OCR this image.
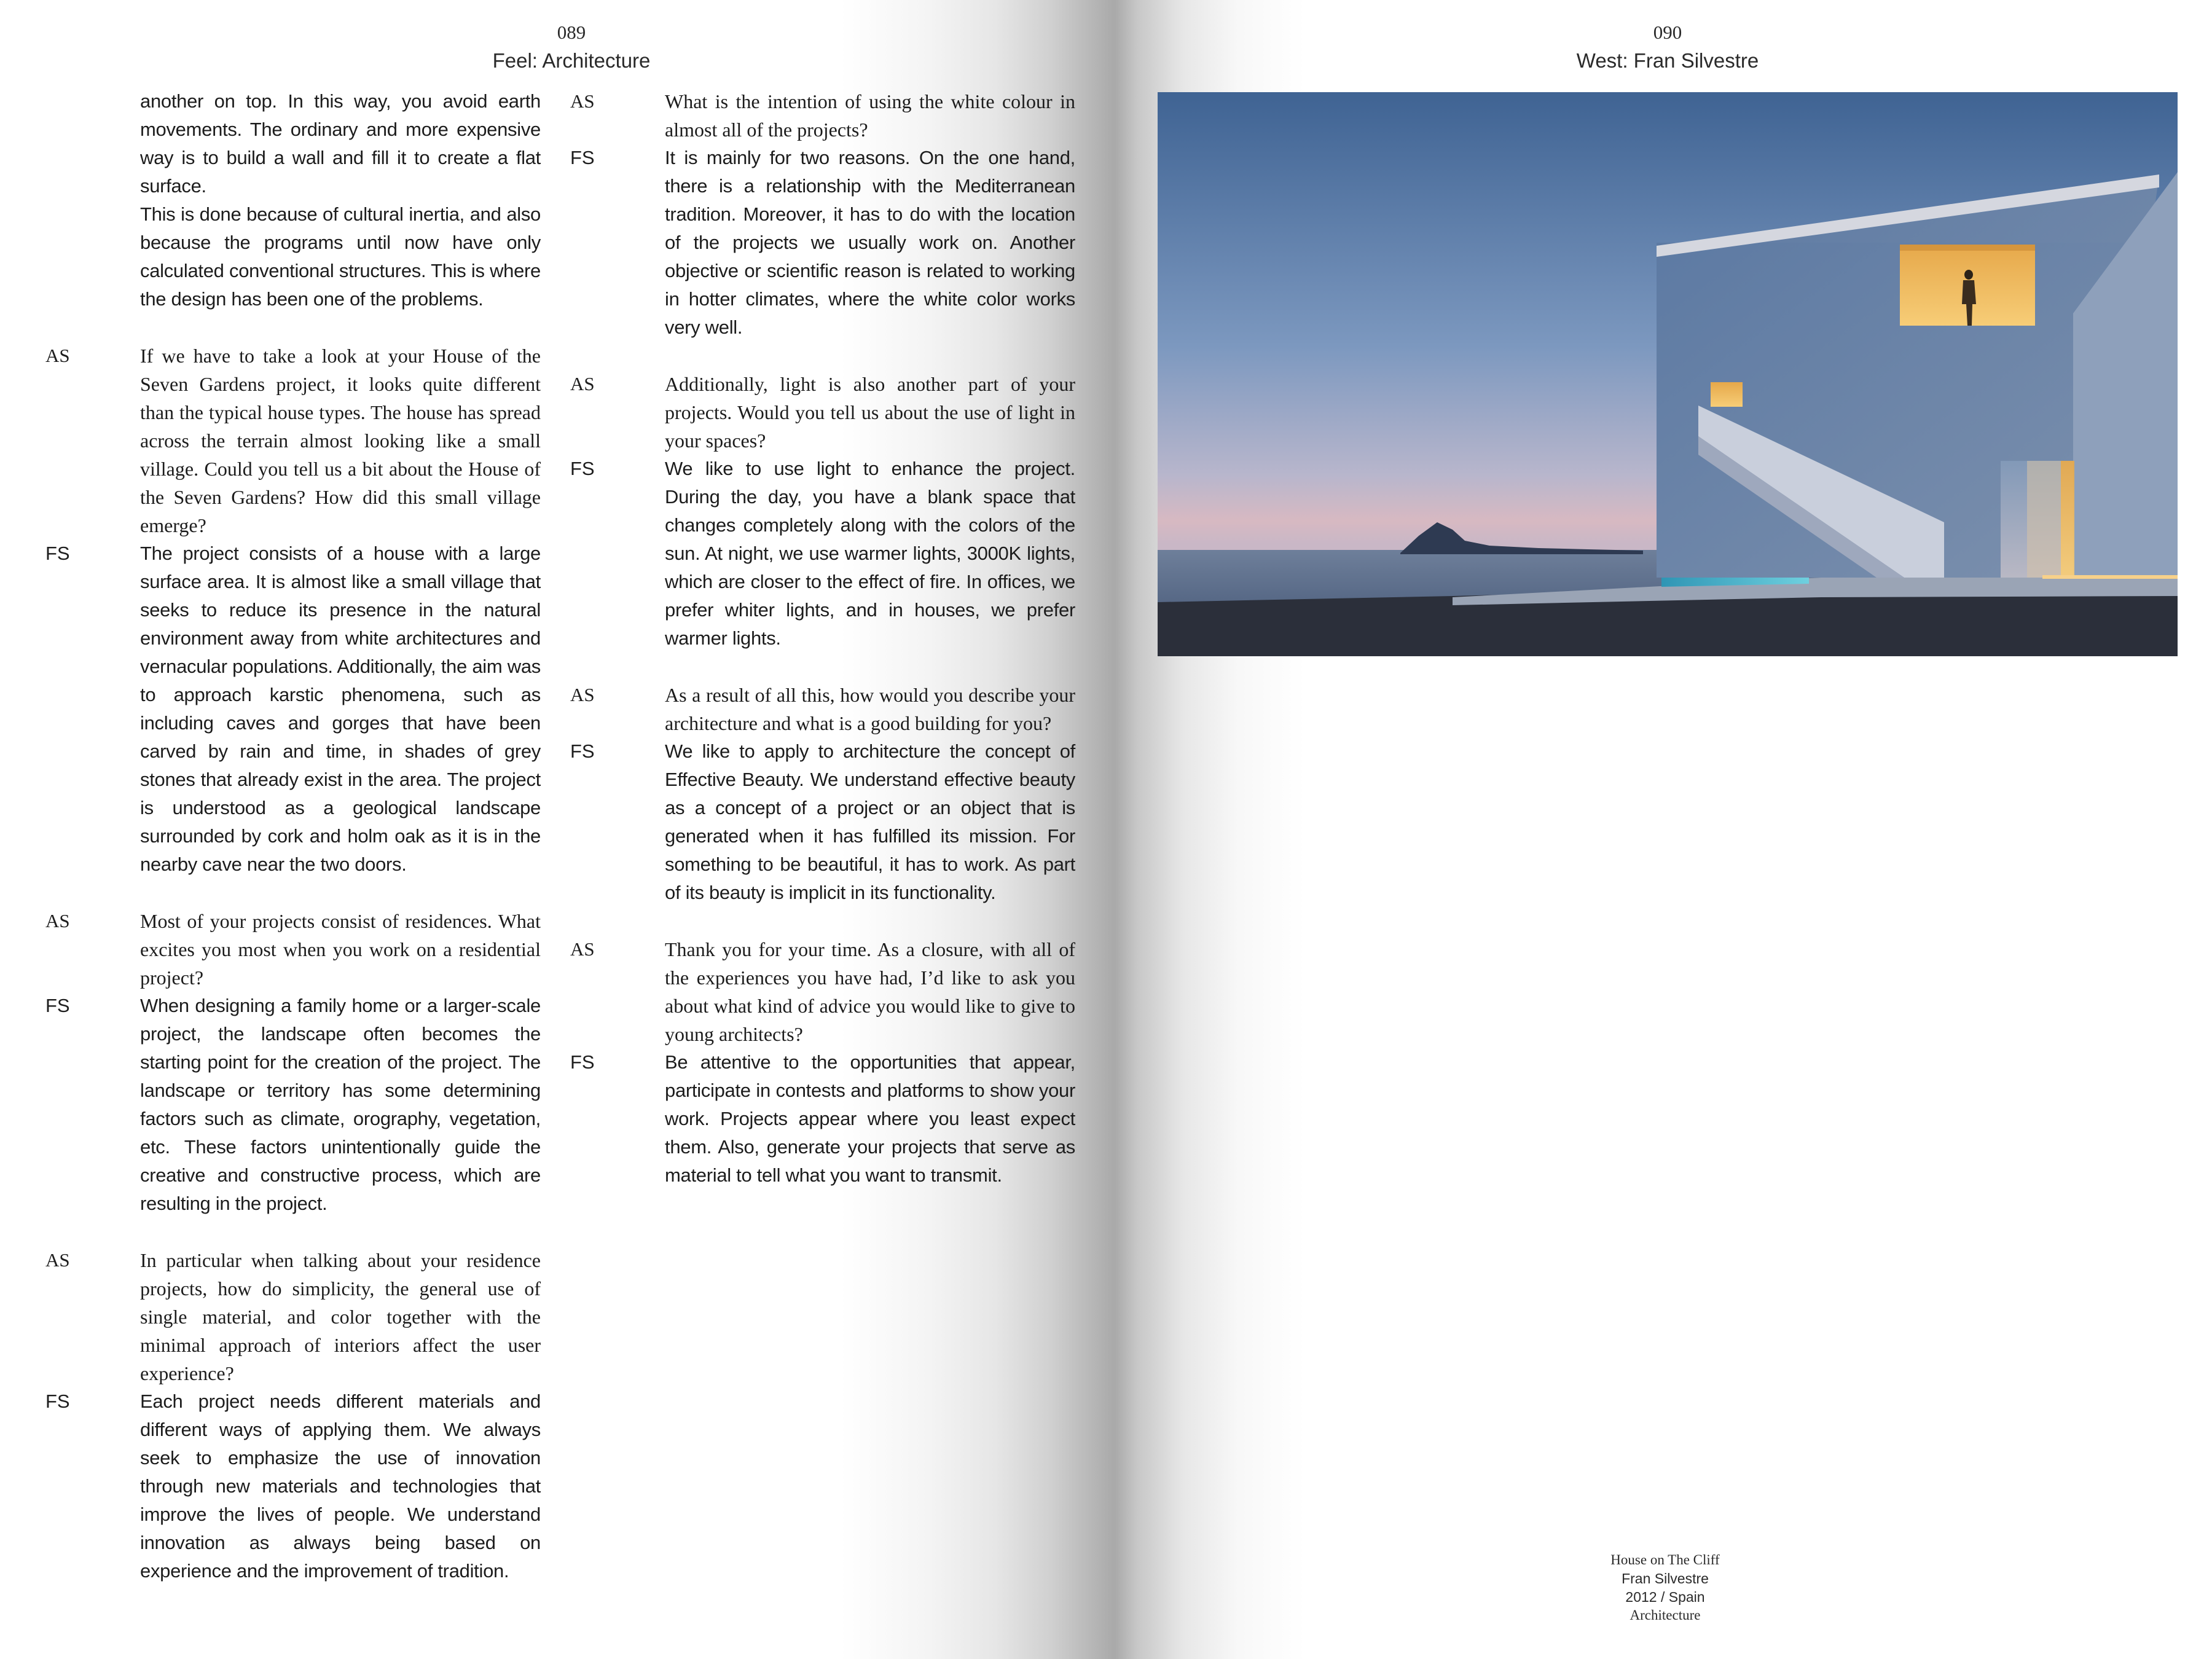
089
Feel: Architecture
090
West: Fran Silvestre
another on top. In this way, you avoid earth movements. The ordinary and more expensive way is to build a wall and fill it to create a flat surface.
This is done because of cultural inertia, and also because the programs until now have only calculated conventional structures. This is where the design has been one of the problems.
AS	If we have to take a look at your House of the Seven Gardens project, it looks quite different than the typical house types. The house has spread across the terrain almost looking like a small village. Could you tell us a bit about the House of the Seven Gardens? How did this small village emerge?
FS	The project consists of a house with a large surface area. It is almost like a small village that seeks to reduce its presence in the natural environment away from white architectures and vernacular populations. Additionally, the aim was to approach karstic phenomena, such as including caves and gorges that have been carved by rain and time, in shades of grey stones that already exist in the area. The project is understood as a geological landscape surrounded by cork and holm oak as it is in the nearby cave near the two doors.
AS	Most of your projects consist of residences. What excites you most when you work on a residential project?
FS	When designing a family home or a larger-scale project, the landscape often becomes the starting point for the creation of the project. The landscape or territory has some determining factors such as climate, orography, vegetation, etc. These factors unintentionally guide the creative and constructive process, which are resulting in the project.
AS	In particular when talking about your residence projects, how do simplicity, the general use of single material, and color together with the minimal approach of interiors affect the user experience?
FS	Each project needs different materials and different ways of applying them. We always seek to emphasize the use of innovation through new materials and technologies that improve the lives of people. We understand innovation as always being based on experience and the improvement of tradition.
AS	What is the intention of using the white colour in almost all of the projects?
FS	It is mainly for two reasons. On the one hand, there is a relationship with the Mediterranean tradition. Moreover, it has to do with the location of the projects we usually work on. Another objective or scientific reason is related to working in hotter climates, where the white color works very well.
AS	Additionally, light is also another part of your projects. Would you tell us about the use of light in your spaces?
FS	We like to use light to enhance the project. During the day, you have a blank space that changes completely along with the colors of the sun. At night, we use warmer lights, 3000K lights, which are closer to the effect of fire. In offices, we prefer whiter lights, and in houses, we prefer warmer lights.
AS	As a result of all this, how would you describe your architecture and what is a good building for you?
FS	We like to apply to architecture the concept of Effective Beauty. We understand effective beauty as a concept of a project or an object that is generated when it has fulfilled its mission. For something to be beautiful, it has to work. As part of its beauty is implicit in its functionality.
AS	Thank you for your time. As a closure, with all of the experiences you have had, I’d like to ask you about what kind of advice you would like to give to young architects?
FS	Be attentive to the opportunities that appear, participate in contests and platforms to show your work. Projects appear where you least expect them. Also, generate your projects that serve as material to tell what you want to transmit.
House on The Cliff
Fran Silvestre
2012 / Spain
Architecture
